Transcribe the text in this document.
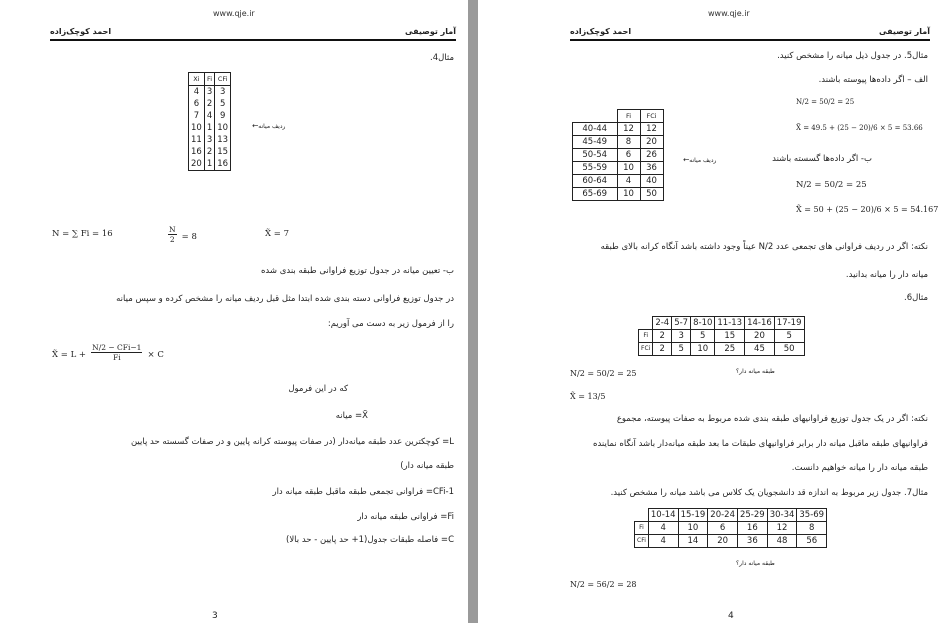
www.qje.ir
آمار توصیفی
احمد کوچک‌زاده
مثال4.
Xi	Fi	CFi
4	3	3
6	2	5
7	4	9
10	1	10
11	3	13
16	2	15
20	1	16
←ردیف میانه
N = ∑ Fi = 16	$\frac{N}{2} = 8$	X̃ = 7
ب- تعیین میانه در جدول توزیع فراوانی طبقه بندی شده
در جدول توزیع فراوانی دسته بندی شده ابتدا مثل قبل ردیف میانه را مشخص کرده و سپس میانه
را از فرمول زیر به دست می آوریم:
X̃ = $L + \frac{\text{N/2 − CFi−1}}{Fi} \times C$
که در این فرمول
X̃= میانه
L= کوچکترین عدد طبقه میانه‌دار (در صفات پیوسته کرانه پایین و در صفات گسسته حد پایین
طبقه میانه دار)
CFi-1= فراوانی تجمعی طبقه ماقبل طبقه میانه دار
Fi= فراوانی طبقه میانه دار
C= فاصله طبقات جدول(1+ حد پایین - حد بالا)
3
www.qje.ir
آمار توصیفی
احمد کوچک‌زاده
مثال5. در جدول ذیل میانه را مشخص کنید.
الف – اگر داده‌ها پیوسته باشند.
N/2 = 50/2 = 25
X̃ = 49.5 + (25 − 20)/6 × 5 = 53.66
ب- اگر داده‌ها گسسته باشند
N/2 = 50/2 = 25
X̃ = 50 + (25 − 20)/6 × 5 = 54.167
	Fi	FCi
40-44	12	12
45-49	8	20
50-54	6	26
55-59	10	36
60-64	4	40
65-69	10	50
←ردیف میانه
نکته: اگر در ردیف فراوانی های تجمعی عدد N/2 عیناً وجود داشته باشد آنگاه کرانه بالای طبقه
میانه دار را میانه بدانید.
مثال6.
	2-4	5-7	8-10	11-13	14-16	17-19
Fi	2	3	5	15	20	5
FCi	2	5	10	25	45	50
طبقه میانه دار؟
N/2 = 50/2 = 25
X̃ = 13/5
نکته: اگر در یک جدول توزیع فراوانیهای طبقه بندی شده مربوط به صفات پیوسته، مجموع
فراوانیهای طبقه ماقبل میانه دار برابر فراوانیهای طبقات ما بعد طبقه میانه‌دار باشد آنگاه نماینده
طبقه میانه دار را میانه خواهیم دانست.
مثال7. جدول زیر مربوط به اندازه قد دانشجویان یک کلاس می باشد میانه را مشخص کنید.
	10-14	15-19	20-24	25-29	30-34	35-69
Fi	4	10	6	16	12	8
CFi	4	14	20	36	48	56
طبقه میانه دار؟
N/2 = 56/2 = 28
4
